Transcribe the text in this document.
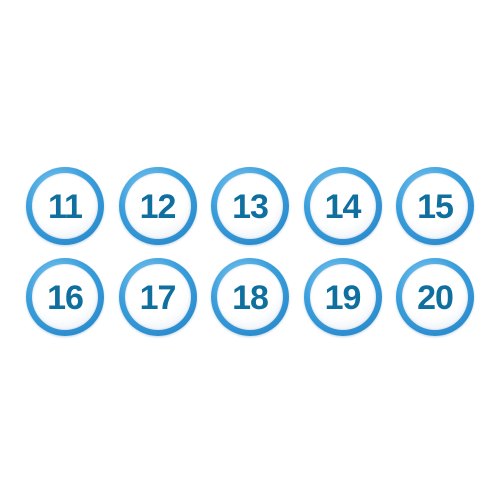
11 12 13 14 15
16 17 18 19 20
